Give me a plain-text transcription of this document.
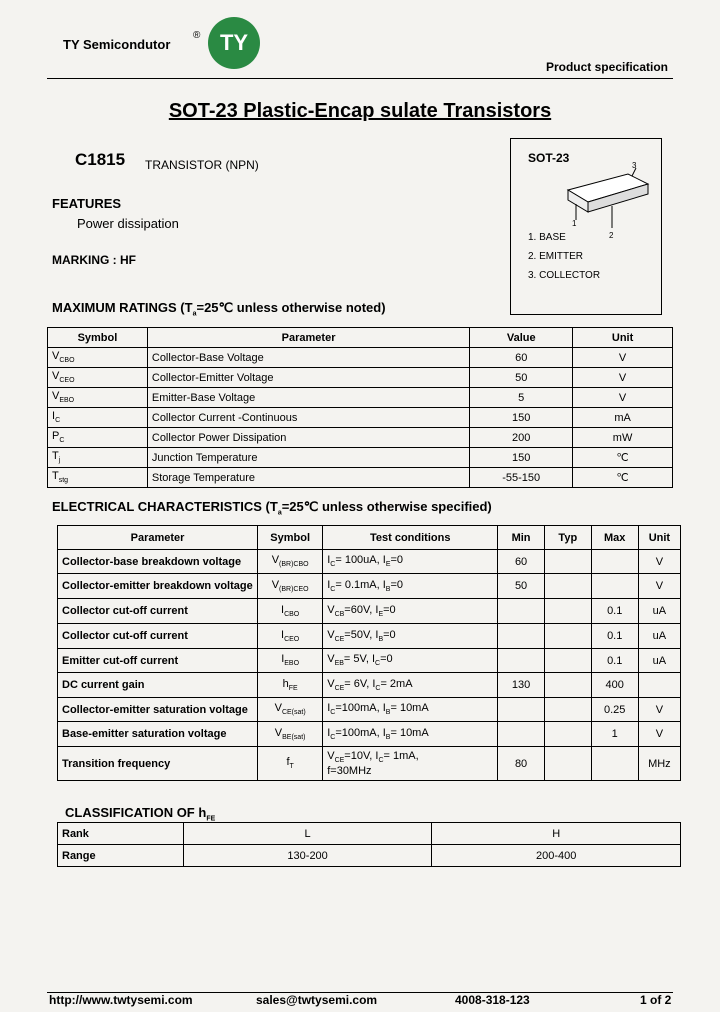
TY Semicondutor
® TY
Product specification
SOT-23 Plastic-Encap sulate Transistors
C1815 TRANSISTOR (NPN)
FEATURES
Power dissipation
MARKING : HF
SOT-23
1
2
3
1. BASE
2. EMITTER
3. COLLECTOR
MAXIMUM RATINGS ($T_a=25℃$ unless otherwise noted)
Symbol	Parameter	Value	Unit
$V_{CBO}$	Collector-Base Voltage	60	V
$V_{CEO}$	Collector-Emitter Voltage	50	V
$V_{EBO}$	Emitter-Base Voltage	5	V
$I_C$	Collector Current -Continuous	150	mA
$P_C$	Collector Power Dissipation	200	mW
$T_j$	Junction Temperature	150	℃
$T_{stg}$	Storage Temperature	-55-150	℃
ELECTRICAL CHARACTERISTICS ($T_a=25℃$ unless otherwise specified)
Parameter	Symbol	Test conditions	Min	Typ	Max	Unit
Collector-base breakdown voltage	$V_{(BR)CBO}$	$I_C= 100uA$, $I_E=0$	60			V
Collector-emitter breakdown voltage	$V_{(BR)CEO}$	$I_C= 0.1mA$, $I_B=0$	50			V
Collector cut-off current	$I_{CBO}$	$V_{CB}=60V$, $I_E=0$			0.1	uA
Collector cut-off current	$I_{CEO}$	$V_{CE}=50V$, $I_B=0$			0.1	uA
Emitter cut-off current	$I_{EBO}$	$V_{EB}= 5V$, $I_C=0$			0.1	uA
DC current gain	$h_{FE}$	$V_{CE}= 6V$, $I_C= 2mA$	130		400	
Collector-emitter saturation voltage	$V_{CE(sat)}$	$I_C=100mA$, $I_B= 10mA$			0.25	V
Base-emitter saturation voltage	$V_{BE(sat)}$	$I_C=100mA$, $I_B= 10mA$			1	V
Transition frequency	$f_T$	$V_{CE}=10V$, $I_C= 1mA$,
f=30MHz	80			MHz
CLASSIFICATION OF $h_{FE}$
Rank	L	H
Range	130-200	200-400
http://www.twtysemi.com	sales@twtysemi.com	4008-318-123	1 of 2
